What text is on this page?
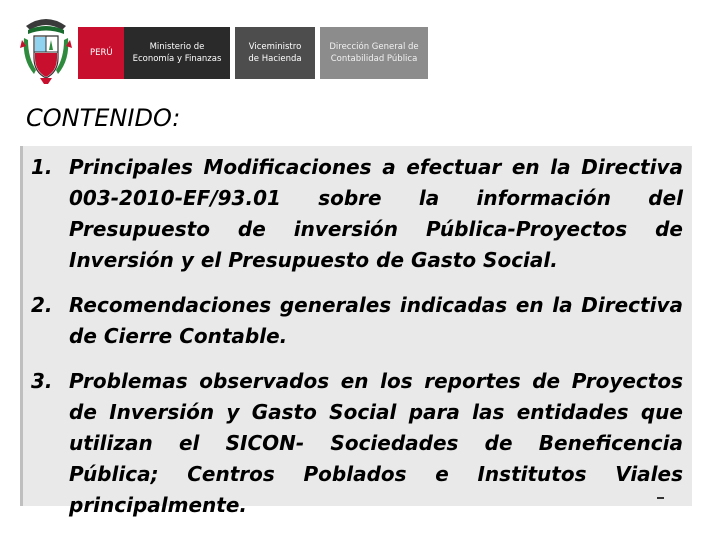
PERÚ
Ministerio de
Economía y Finanzas
Viceministro
de Hacienda
Dirección General de
Contabilidad Pública
CONTENIDO:
1. Principales Modificaciones a efectuar en la Directiva 003-2010-EF/93.01 sobre la información del Presupuesto de inversión Pública-Proyectos de Inversión y el Presupuesto de Gasto Social.
2. Recomendaciones generales indicadas en la Directiva de Cierre Contable.
3. Problemas observados en los reportes de Proyectos de Inversión y Gasto Social para las entidades que utilizan el SICON- Sociedades de Beneficencia Pública; Centros Poblados e Institutos Viales principalmente.
